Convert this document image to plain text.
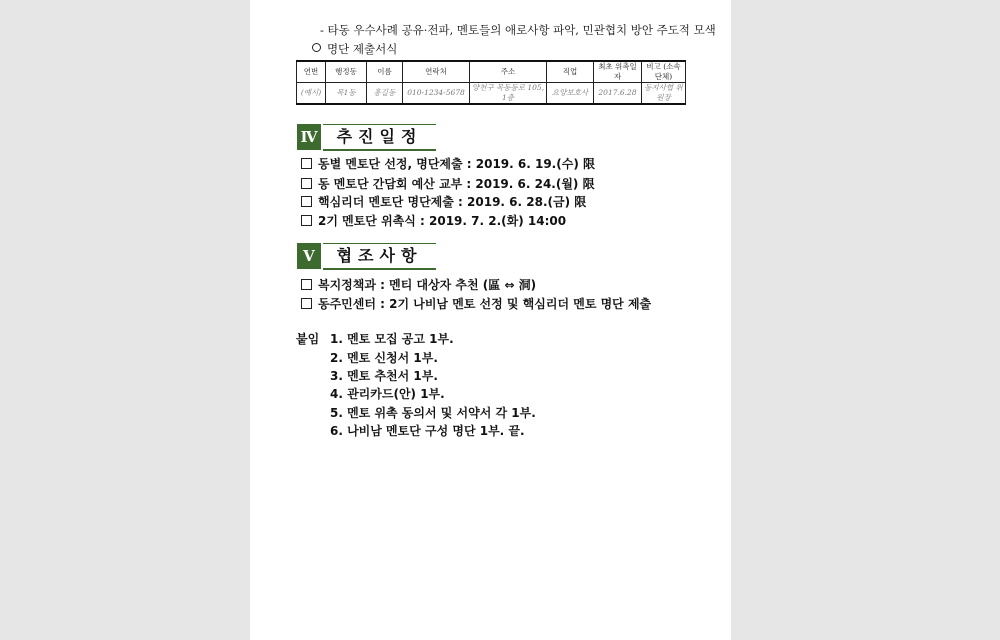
- 타동 우수사례 공유·전파, 멘토들의 애로사항 파악, 민관협치 방안 주도적 모색
명단 제출서식
연번	행정동	이름	연락처	주소	직업	최초 위촉일자	비고 (소속단체)
(예시)	목1동	홍길동	010-1234-5678	양천구 목동동로 105, 1층	요양보호사	2017.6.28	동지사협 위원장
Ⅳ	추진일정
동별 멘토단 선정, 명단제출 : 2019. 6. 19.(수) 限
동 멘토단 간담회 예산 교부 : 2019. 6. 24.(월) 限
핵심리더 멘토단 명단제출 : 2019. 6. 28.(금) 限
2기 멘토단 위촉식 : 2019. 7. 2.(화) 14:00
Ⅴ	협조사항
복지정책과 : 멘티 대상자 추천 (區 ⇔ 洞)
동주민센터 : 2기 나비남 멘토 선정 및 핵심리더 멘토 명단 제출
붙임 1. 멘토 모집 공고 1부.
2. 멘토 신청서 1부.
3. 멘토 추천서 1부.
4. 관리카드(안) 1부.
5. 멘토 위촉 동의서 및 서약서 각 1부.
6. 나비남 멘토단 구성 명단 1부. 끝.
